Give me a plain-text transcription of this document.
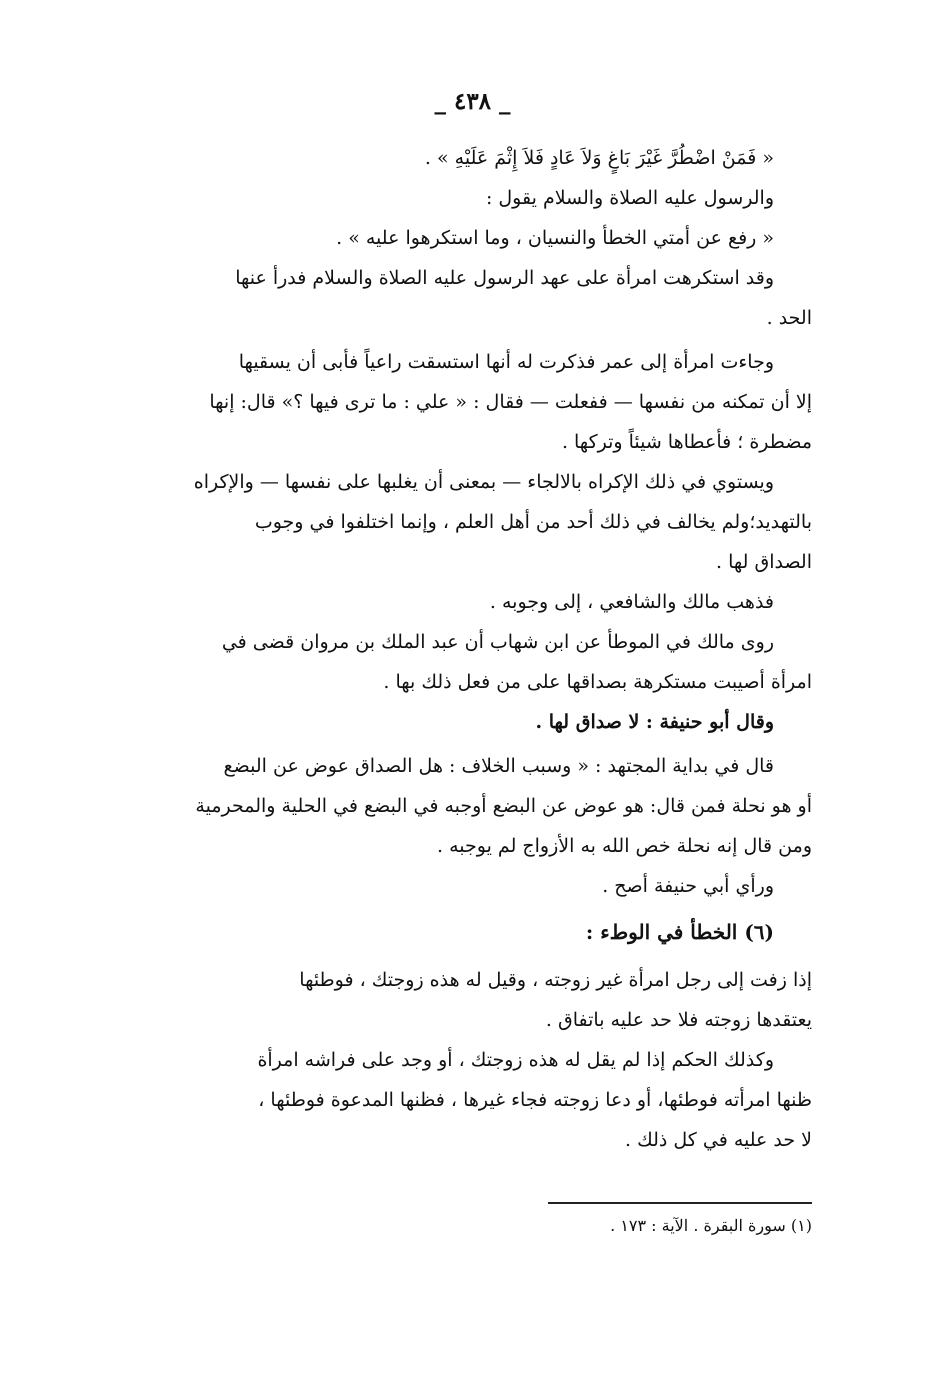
_ ٤٣٨ _
« فَمَنْ اضْطُرَّ غَيْرَ بَاغٍ وَلاَ عَادٍ فَلاَ إِثْمَ عَلَيْهِ » .
والرسول عليه الصلاة والسلام يقول :
« رفع عن أمتي الخطأ والنسيان ، وما استكرهوا عليه » .
وقد استكرهت امرأة على عهد الرسول عليه الصلاة والسلام فدرأ عنها
الحد .
وجاءت امرأة إلى عمر فذكرت له أنها استسقت راعياً فأبى أن يسقيها
إلا أن تمكنه من نفسها — ففعلت — فقال : « علي : ما ترى فيها ؟» قال: إنها
مضطرة ؛ فأعطاها شيئاً وتركها .
ويستوي في ذلك الإكراه بالالجاء — بمعنى أن يغلبها على نفسها — والإكراه
بالتهديد؛ولم يخالف في ذلك أحد من أهل العلم ، وإنما اختلفوا في وجوب
الصداق لها .
فذهب مالك والشافعي ، إلى وجوبه .
روى مالك في الموطأ عن ابن شهاب أن عبد الملك بن مروان قضى في
امرأة أصيبت مستكرهة بصداقها على من فعل ذلك بها .
وقال أبو حنيفة : لا صداق لها .
قال في بداية المجتهد : « وسبب الخلاف : هل الصداق عوض عن البضع
أو هو نحلة فمن قال: هو عوض عن البضع أوجبه في البضع في الحلية والمحرمية
ومن قال إنه نحلة خص الله به الأزواج لم يوجبه .
ورأي أبي حنيفة أصح .
(٦) الخطأ في الوطء :
إذا زفت إلى رجل امرأة غير زوجته ، وقيل له هذه زوجتك ، فوطئها
يعتقدها زوجته فلا حد عليه باتفاق .
وكذلك الحكم إذا لم يقل له هذه زوجتك ، أو وجد على فراشه امرأة
ظنها امرأته فوطئها، أو دعا زوجته فجاء غيرها ، فظنها المدعوة فوطئها ،
لا حد عليه في كل ذلك .
(١) سورة البقرة . الآية : ١٧٣ .
